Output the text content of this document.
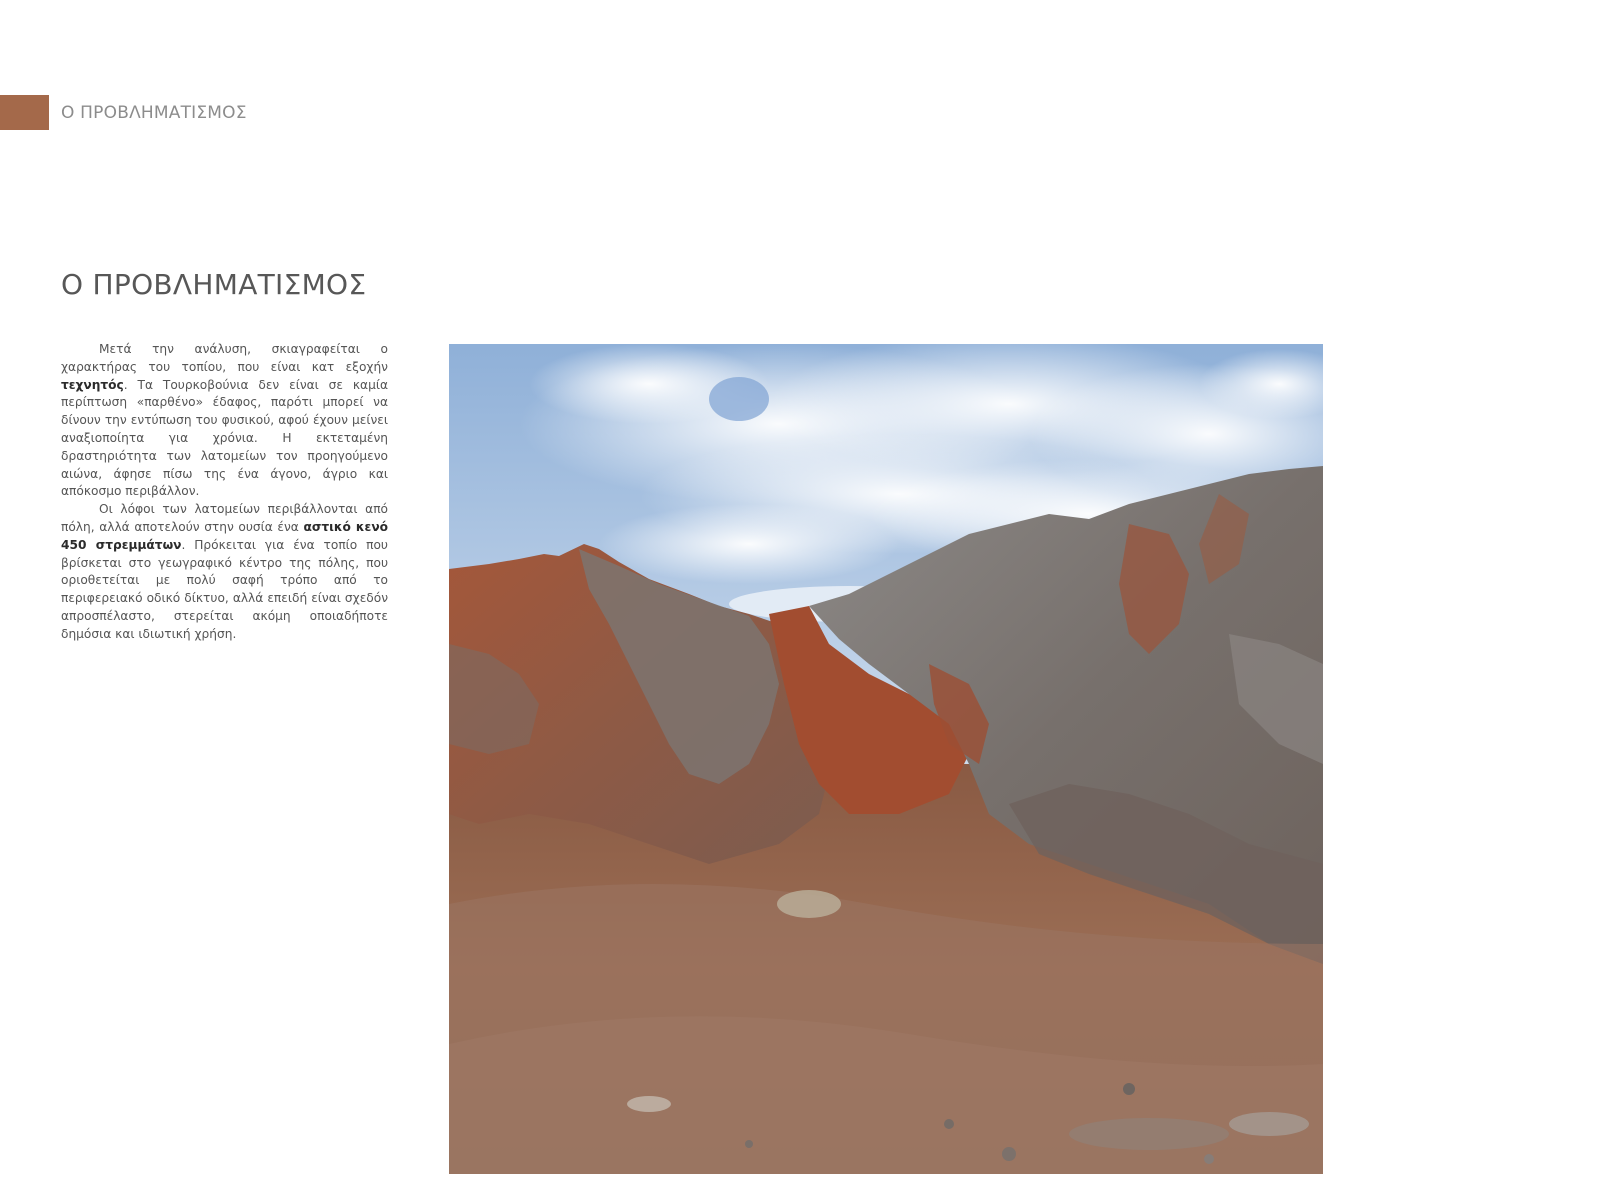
Ο ΠΡΟΒΛΗΜΑΤΙΣΜΟΣ
Ο ΠΡΟΒΛΗΜΑΤΙΣΜΟΣ

Μετά την ανάλυση, σκιαγραφείται ο χαρακτήρας του τοπίου, που είναι κατ εξοχήν τεχνητός. Τα Τουρκοβούνια δεν είναι σε καμία περίπτωση «παρθένο» έδαφος, παρότι μπορεί να δίνουν την εντύπωση του φυσικού, αφού έχουν μείνει αναξιοποίητα για χρόνια. Η εκτεταμένη δραστηριότητα των λατομείων τον προηγούμενο αιώνα, άφησε πίσω της ένα άγονο, άγριο και απόκοσμο περιβάλλον.

Οι λόφοι των λατομείων περιβάλλονται από πόλη, αλλά αποτελούν στην ουσία ένα αστικό κενό 450 στρεμμάτων. Πρόκειται για ένα τοπίο που βρίσκεται στο γεωγραφικό κέντρο της πόλης, που οριοθετείται με πολύ σαφή τρόπο από το περιφερειακό οδικό δίκτυο, αλλά επειδή είναι σχεδόν απροσπέλαστο, στερείται ακόμη οποιαδήποτε δημόσια και ιδιωτική χρήση.
